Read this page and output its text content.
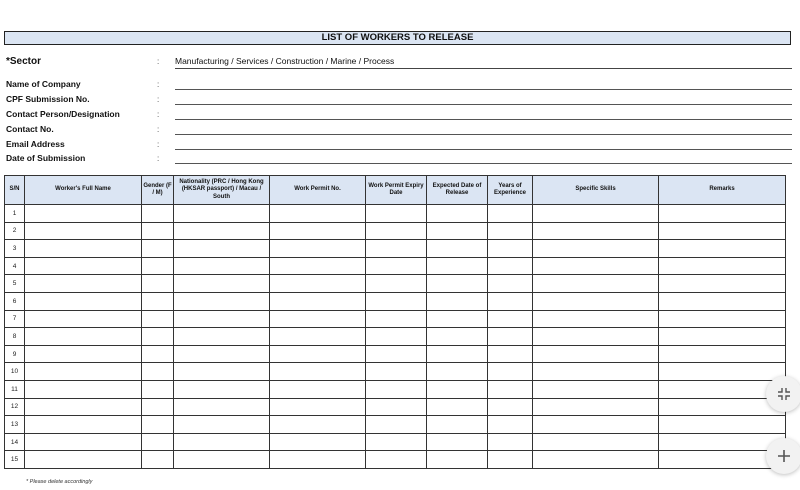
LIST OF WORKERS TO RELEASE
*Sector	: Manufacturing / Services / Construction / Marine / Process
Name of Company	:
CPF Submission No.	:
Contact Person/Designation	:
Contact No.	:
Email Address	:
Date of Submission	:
S/N	Worker's Full Name	Gender (F / M)	Nationality (PRC / Hong Kong (HKSAR passport) / Macau / South	Work Permit No.	Work Permit Expiry Date	Expected Date of Release	Years of Experience	Specific Skills	Remarks
1									
2									
3									
4									
5									
6									
7									
8									
9									
10									
11									
12									
13									
14									
15									
* Please delete accordingly
